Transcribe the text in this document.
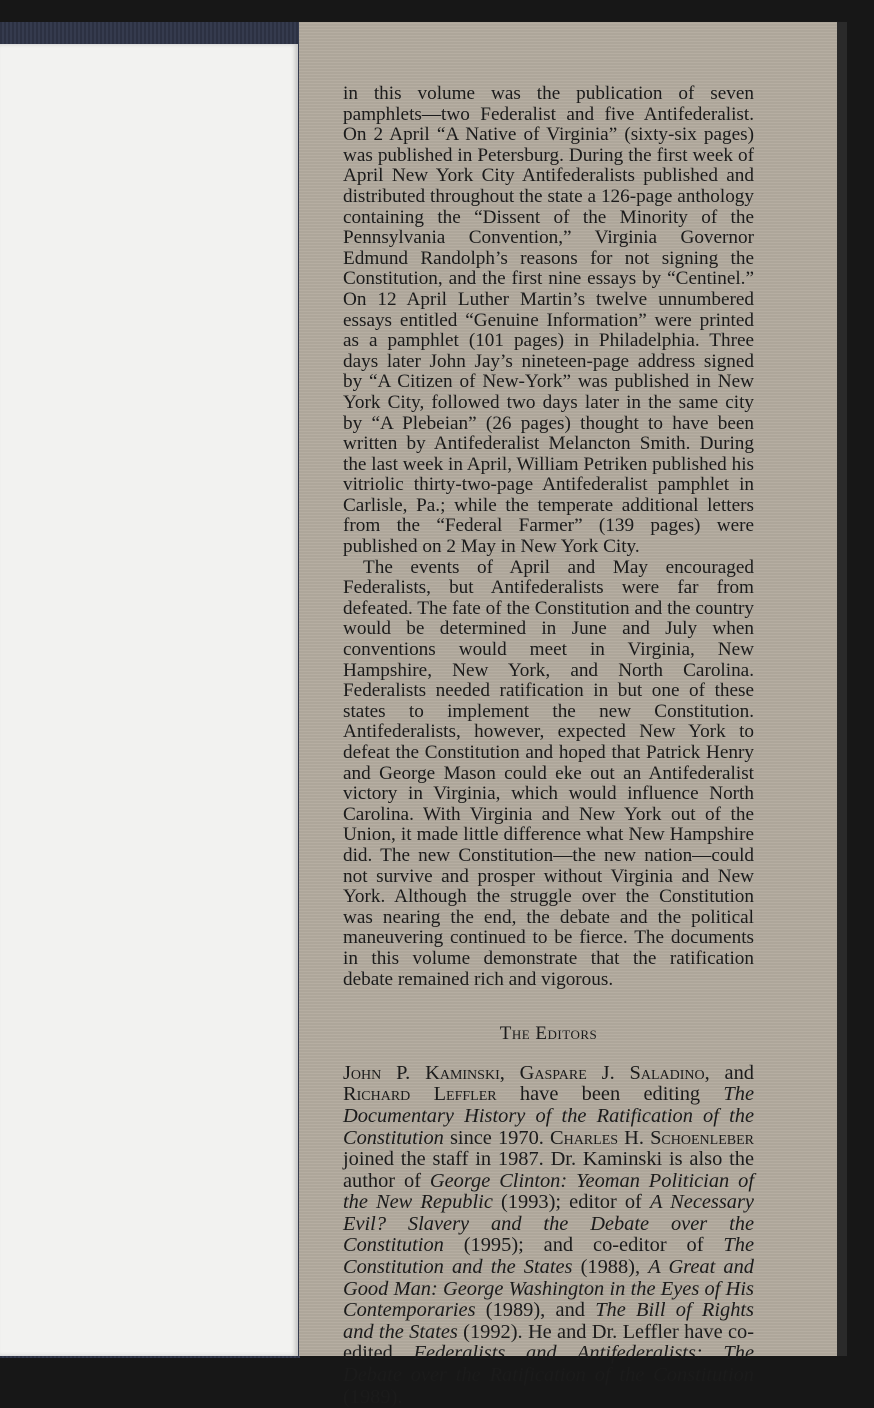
in this volume was the publication of seven pamphlets—two Federalist and five Antifederalist. On 2 April “A Native of Virginia” (sixty-six pages) was published in Petersburg. During the first week of April New York City Antifederalists published and distributed throughout the state a 126-page anthology containing the “Dissent of the Minority of the Pennsylvania Convention,” Virginia Governor Edmund Randolph’s reasons for not signing the Constitution, and the first nine essays by “Centinel.” On 12 April Luther Martin’s twelve unnumbered essays entitled “Genuine Information” were printed as a pamphlet (101 pages) in Philadelphia. Three days later John Jay’s nineteen-page address signed by “A Citizen of New-York” was published in New York City, followed two days later in the same city by “A Plebeian” (26 pages) thought to have been written by Antifederalist Melancton Smith. During the last week in April, William Petriken published his vitriolic thirty-two-page Antifederalist pamphlet in Carlisle, Pa.; while the temperate additional letters from the “Federal Farmer” (139 pages) were published on 2 May in New York City.

The events of April and May encouraged Federalists, but Antifederalists were far from defeated. The fate of the Constitution and the country would be determined in June and July when conventions would meet in Virginia, New Hampshire, New York, and North Carolina. Federalists needed ratification in but one of these states to implement the new Constitution. Antifederalists, however, expected New York to defeat the Constitution and hoped that Patrick Henry and George Mason could eke out an Antifederalist victory in Virginia, which would influence North Carolina. With Virginia and New York out of the Union, it made little difference what New Hampshire did. The new Constitution—the new nation—could not survive and prosper without Virginia and New York. Although the struggle over the Constitution was nearing the end, the debate and the political maneuvering continued to be fierce. The documents in this volume demonstrate that the ratification debate remained rich and vigorous.

The Editors

John P. Kaminski, Gaspare J. Saladino, and Richard Leffler have been editing The Documentary History of the Ratification of the Constitution since 1970. Charles H. Schoenleber joined the staff in 1987. Dr. Kaminski is also the author of George Clinton: Yeoman Politician of the New Republic (1993); editor of A Necessary Evil? Slavery and the Debate over the Constitution (1995); and co-editor of The Constitution and the States (1988), A Great and Good Man: George Washington in the Eyes of His Contemporaries (1989), and The Bill of Rights and the States (1992). He and Dr. Leffler have co-edited Federalists and Antifederalists: The Debate over the Ratification of the Constitution (1989).
